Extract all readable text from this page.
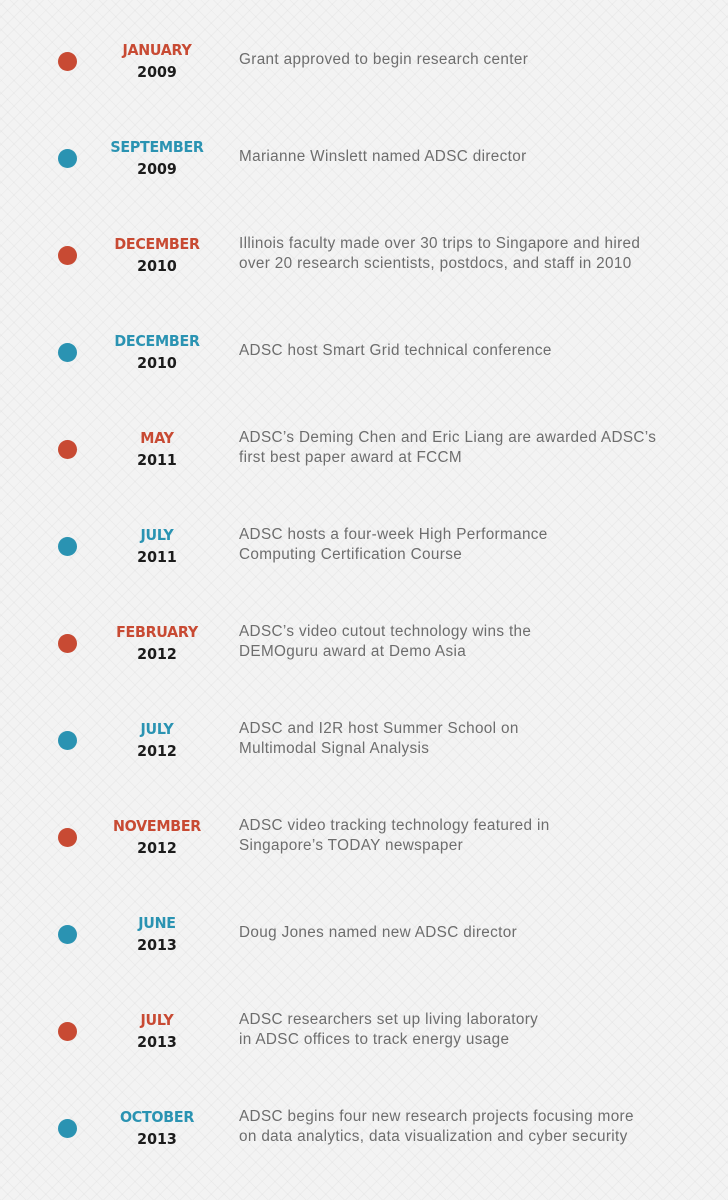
JANUARY
2009
Grant approved to begin research center
SEPTEMBER
2009
Marianne Winslett named ADSC director
DECEMBER
2010
Illinois faculty made over 30 trips to Singapore and hired
over 20 research scientists, postdocs, and staff in 2010
DECEMBER
2010
ADSC host Smart Grid technical conference
MAY
2011
ADSC’s Deming Chen and Eric Liang are awarded ADSC’s
first best paper award at FCCM
JULY
2011
ADSC hosts a four-week High Performance
Computing Certification Course
FEBRUARY
2012
ADSC’s video cutout technology wins the
DEMOguru award at Demo Asia
JULY
2012
ADSC and I2R host Summer School on
Multimodal Signal Analysis
NOVEMBER
2012
ADSC video tracking technology featured in
Singapore’s TODAY newspaper
JUNE
2013
Doug Jones named new ADSC director
JULY
2013
ADSC researchers set up living laboratory
in ADSC offices to track energy usage
OCTOBER
2013
ADSC begins four new research projects focusing more
on data analytics, data visualization and cyber security
